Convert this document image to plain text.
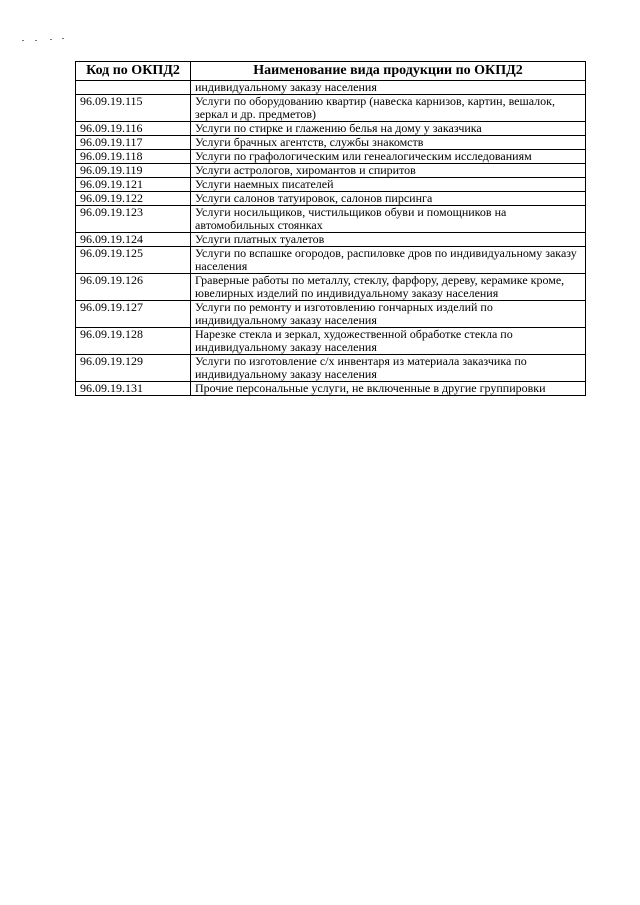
Код по ОКПД2	Наименование вида продукции по ОКПД2
	индивидуальному заказу населения
96.09.19.115	Услуги по оборудованию квартир (навеска карнизов, картин, вешалок, зеркал и др. предметов)
96.09.19.116	Услуги по стирке и глажению белья на дому у заказчика
96.09.19.117	Услуги брачных агентств, службы знакомств
96.09.19.118	Услуги по графологическим или генеалогическим исследованиям
96.09.19.119	Услуги астрологов, хиромантов и спиритов
96.09.19.121	Услуги наемных писателей
96.09.19.122	Услуги салонов татуировок, салонов пирсинга
96.09.19.123	Услуги носильщиков, чистильщиков обуви и помощников на автомобильных стоянках
96.09.19.124	Услуги платных туалетов
96.09.19.125	Услуги по вспашке огородов, распиловке дров по индивидуальному заказу населения
96.09.19.126	Граверные работы по металлу, стеклу, фарфору, дереву, керамике кроме, ювелирных изделий по индивидуальному заказу населения
96.09.19.127	Услуги по ремонту и изготовлению гончарных изделий по индивидуальному заказу населения
96.09.19.128	Нарезке стекла и зеркал, художественной обработке стекла по индивидуальному заказу населения
96.09.19.129	Услуги по изготовление с/х инвентаря из материала заказчика по индивидуальному заказу населения
96.09.19.131	Прочие персональные услуги, не включенные в другие группировки
